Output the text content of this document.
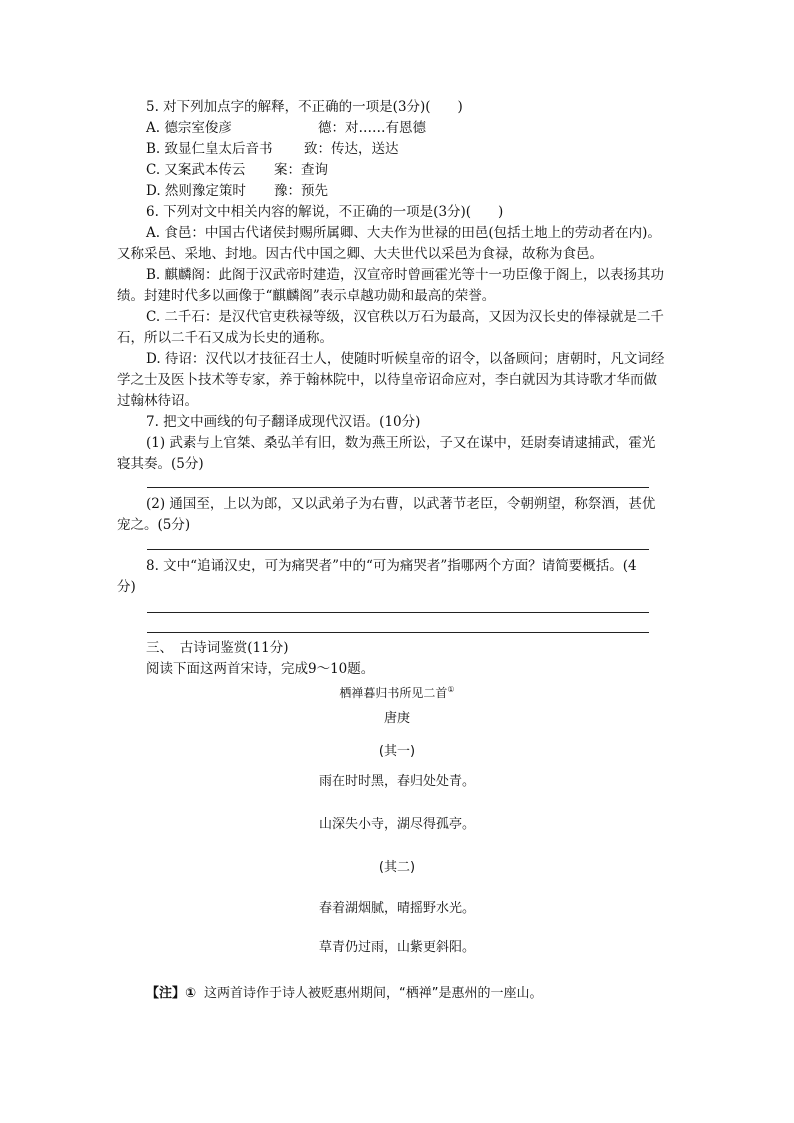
5. 对下列加点字的解释，不正确的一项是(3分)(　　)
A. 德宗室俊彦	德：对……有恩德
B. 致显仁皇太后音书 致：传达，送达
C. 又案武本传云 案：查询
D. 然则豫定策时 豫：预先
6. 下列对文中相关内容的解说，不正确的一项是(3分)(　　)
A. 食邑：中国古代诸侯封赐所属卿、大夫作为世禄的田邑(包括土地上的劳动者在内)。
又称采邑、采地、封地。因古代中国之卿、大夫世代以采邑为食禄，故称为食邑。
B. 麒麟阁：此阁于汉武帝时建造，汉宣帝时曾画霍光等十一功臣像于阁上，以表扬其功
绩。封建时代多以画像于“麒麟阁”表示卓越功勋和最高的荣誉。
C. 二千石：是汉代官吏秩禄等级，汉官秩以万石为最高，又因为汉长史的俸禄就是二千
石，所以二千石又成为长史的通称。
D. 待诏：汉代以才技征召士人，使随时听候皇帝的诏令，以备顾问；唐朝时，凡文词经
学之士及医卜技术等专家，养于翰林院中，以待皇帝诏命应对，李白就因为其诗歌才华而做
过翰林待诏。
7. 把文中画线的句子翻译成现代汉语。(10分)
(1) 武素与上官桀、桑弘羊有旧，数为燕王所讼，子又在谋中，廷尉奏请逮捕武，霍光
寝其奏。(5分)
(2) 通国至，上以为郎，又以武弟子为右曹，以武著节老臣，令朝朔望，称祭酒，甚优
宠之。(5分)
8. 文中“追诵汉史，可为痛哭者”中的“可为痛哭者”指哪两个方面？请简要概括。(4
分)
三、　古诗词鉴赏(11分)
阅读下面这两首宋诗，完成9～10题。
栖禅暮归书所见二首①
唐庚
(其一)
雨在时时黑，春归处处青。
山深失小寺，湖尽得孤亭。
(其二)
春着湖烟腻，晴摇野水光。
草青仍过雨，山紫更斜阳。
【注】① 这两首诗作于诗人被贬惠州期间，“栖禅”是惠州的一座山。
